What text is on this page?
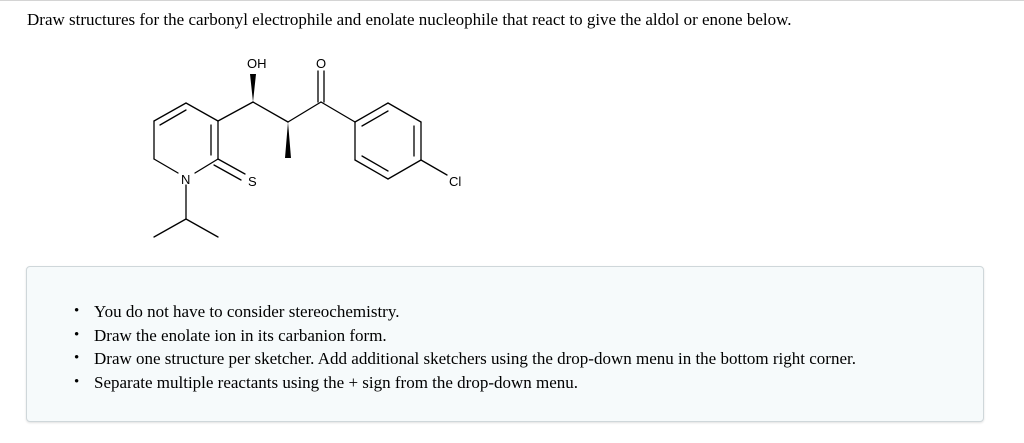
Draw structures for the carbonyl electrophile and enolate nucleophile that react to give the aldol or enone below.
OH	O
N	S	Cl
• You do not have to consider stereochemistry.
• Draw the enolate ion in its carbanion form.
• Draw one structure per sketcher. Add additional sketchers using the drop-down menu in the bottom right corner.
• Separate multiple reactants using the + sign from the drop-down menu.
